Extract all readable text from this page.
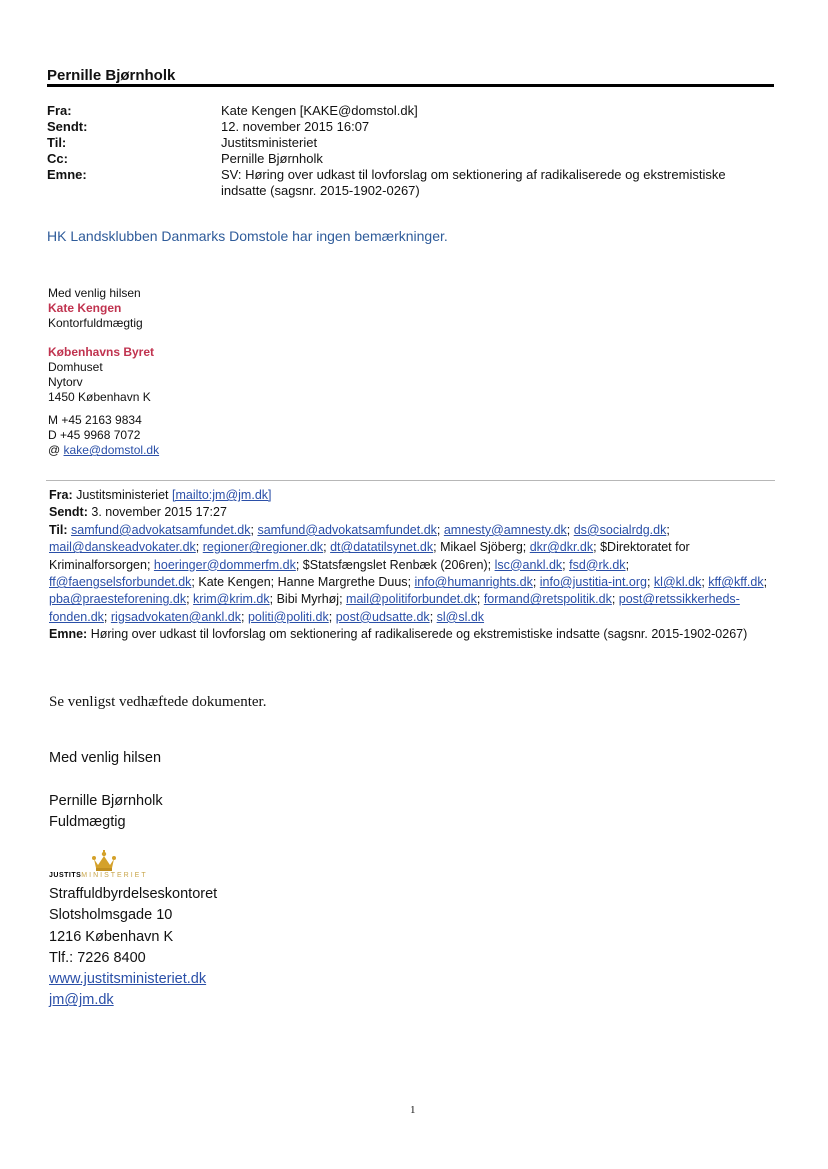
Pernille Bjørnholk
Fra:	Kate Kengen [KAKE@domstol.dk]
Sendt:	12. november 2015 16:07
Til:	Justitsministeriet
Cc:	Pernille Bjørnholk
Emne:	SV: Høring over udkast til lovforslag om sektionering af radikaliserede og ekstremistiske indsatte (sagsnr. 2015-1902-0267)
HK Landsklubben Danmarks Domstole har ingen bemærkninger.
Med venlig hilsen
Kate Kengen
Kontorfuldmægtig
Københavns Byret
Domhuset
Nytorv
1450 København K
M +45 2163 9834
D +45 9968 7072
@ kake@domstol.dk
Fra: Justitsministeriet [mailto:jm@jm.dk]
Sendt: 3. november 2015 17:27
Til: samfund@advokatsamfundet.dk; samfund@advokatsamfundet.dk; amnesty@amnesty.dk; ds@socialrdg.dk; mail@danskeadvokater.dk; regioner@regioner.dk; dt@datatilsynet.dk; Mikael Sjöberg; dkr@dkr.dk; $Direktoratet for Kriminalforsorgen; hoeringer@dommerfm.dk; $Statsfængslet Renbæk (206ren); lsc@ankl.dk; fsd@rk.dk; ff@faengselsforbundet.dk; Kate Kengen; Hanne Margrethe Duus; info@humanrights.dk; info@justitia-int.org; kl@kl.dk; kff@kff.dk; pba@praesteforening.dk; krim@krim.dk; Bibi Myrhøj; mail@politiforbundet.dk; formand@retspolitik.dk; post@retssikkerheds-fonden.dk; rigsadvokaten@ankl.dk; politi@politi.dk; post@udsatte.dk; sl@sl.dk
Emne: Høring over udkast til lovforslag om sektionering af radikaliserede og ekstremistiske indsatte (sagsnr. 2015-1902-0267)
Se venligst vedhæftede dokumenter.
Med venlig hilsen
Pernille Bjørnholk
Fuldmægtig
JUSTITSMINISTERIET
Straffuldbyrdelseskontoret
Slotsholmsgade 10
1216 København K
Tlf.: 7226 8400
www.justitsministeriet.dk
jm@jm.dk
1
